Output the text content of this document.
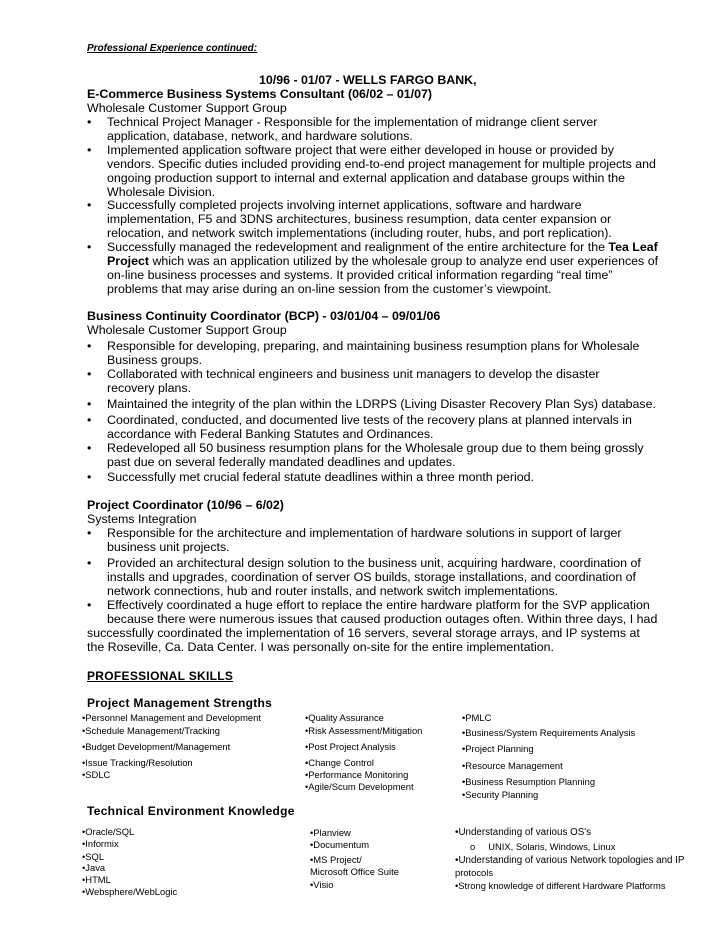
Professional Experience continued:
10/96 - 01/07 - WELLS FARGO BANK,
E-Commerce Business Systems Consultant (06/02 – 01/07)
Wholesale Customer Support Group
• Technical Project Manager - Responsible for the implementation of midrange client server
application, database, network, and hardware solutions.
• Implemented application software project that were either developed in house or provided by
vendors. Specific duties included providing end-to-end project management for multiple projects and
ongoing production support to internal and external application and database groups within the
Wholesale Division.
• Successfully completed projects involving internet applications, software and hardware
implementation, F5 and 3DNS architectures, business resumption, data center expansion or
relocation, and network switch implementations (including router, hubs, and port replication).
• Successfully managed the redevelopment and realignment of the entire architecture for the Tea Leaf
Project which was an application utilized by the wholesale group to analyze end user experiences of
on-line business processes and systems. It provided critical information regarding “real time”
problems that may arise during an on-line session from the customer’s viewpoint.
Business Continuity Coordinator (BCP) - 03/01/04 – 09/01/06
Wholesale Customer Support Group
• Responsible for developing, preparing, and maintaining business resumption plans for Wholesale
Business groups.
• Collaborated with technical engineers and business unit managers to develop the disaster
recovery plans.
• Maintained the integrity of the plan within the LDRPS (Living Disaster Recovery Plan Sys) database.
• Coordinated, conducted, and documented live tests of the recovery plans at planned intervals in
accordance with Federal Banking Statutes and Ordinances.
• Redeveloped all 50 business resumption plans for the Wholesale group due to them being grossly
past due on several federally mandated deadlines and updates.
• Successfully met crucial federal statute deadlines within a three month period.
Project Coordinator (10/96 – 6/02)
Systems Integration
• Responsible for the architecture and implementation of hardware solutions in support of larger
business unit projects.
• Provided an architectural design solution to the business unit, acquiring hardware, coordination of
installs and upgrades, coordination of server OS builds, storage installations, and coordination of
network connections, hub and router installs, and network switch implementations.
• Effectively coordinated a huge effort to replace the entire hardware platform for the SVP application
because there were numerous issues that caused production outages often. Within three days, I had
successfully coordinated the implementation of 16 servers, several storage arrays, and IP systems at
the Roseville, Ca. Data Center. I was personally on-site for the entire implementation.
PROFESSIONAL SKILLS
Project Management Strengths
•Personnel Management and Development
•Schedule Management/Tracking
•Budget Development/Management
•Issue Tracking/Resolution
•SDLC
•Quality Assurance
•Risk Assessment/Mitigation
•Post Project Analysis
•Change Control
•Performance Monitoring
•Agile/Scum Development
•PMLC
•Business/System Requirements Analysis
•Project Planning
•Resource Management
•Business Resumption Planning
•Security Planning
Technical Environment Knowledge
•Oracle/SQL
•Informix
•SQL
•Java
•HTML
•Websphere/WebLogic
•Planview
•Documentum
•MS Project/
Microsoft Office Suite
•Visio
•Understanding of various OS's
o UNIX, Solaris, Windows, Linux
•Understanding of various Network topologies and IP
protocols
•Strong knowledge of different Hardware Platforms
